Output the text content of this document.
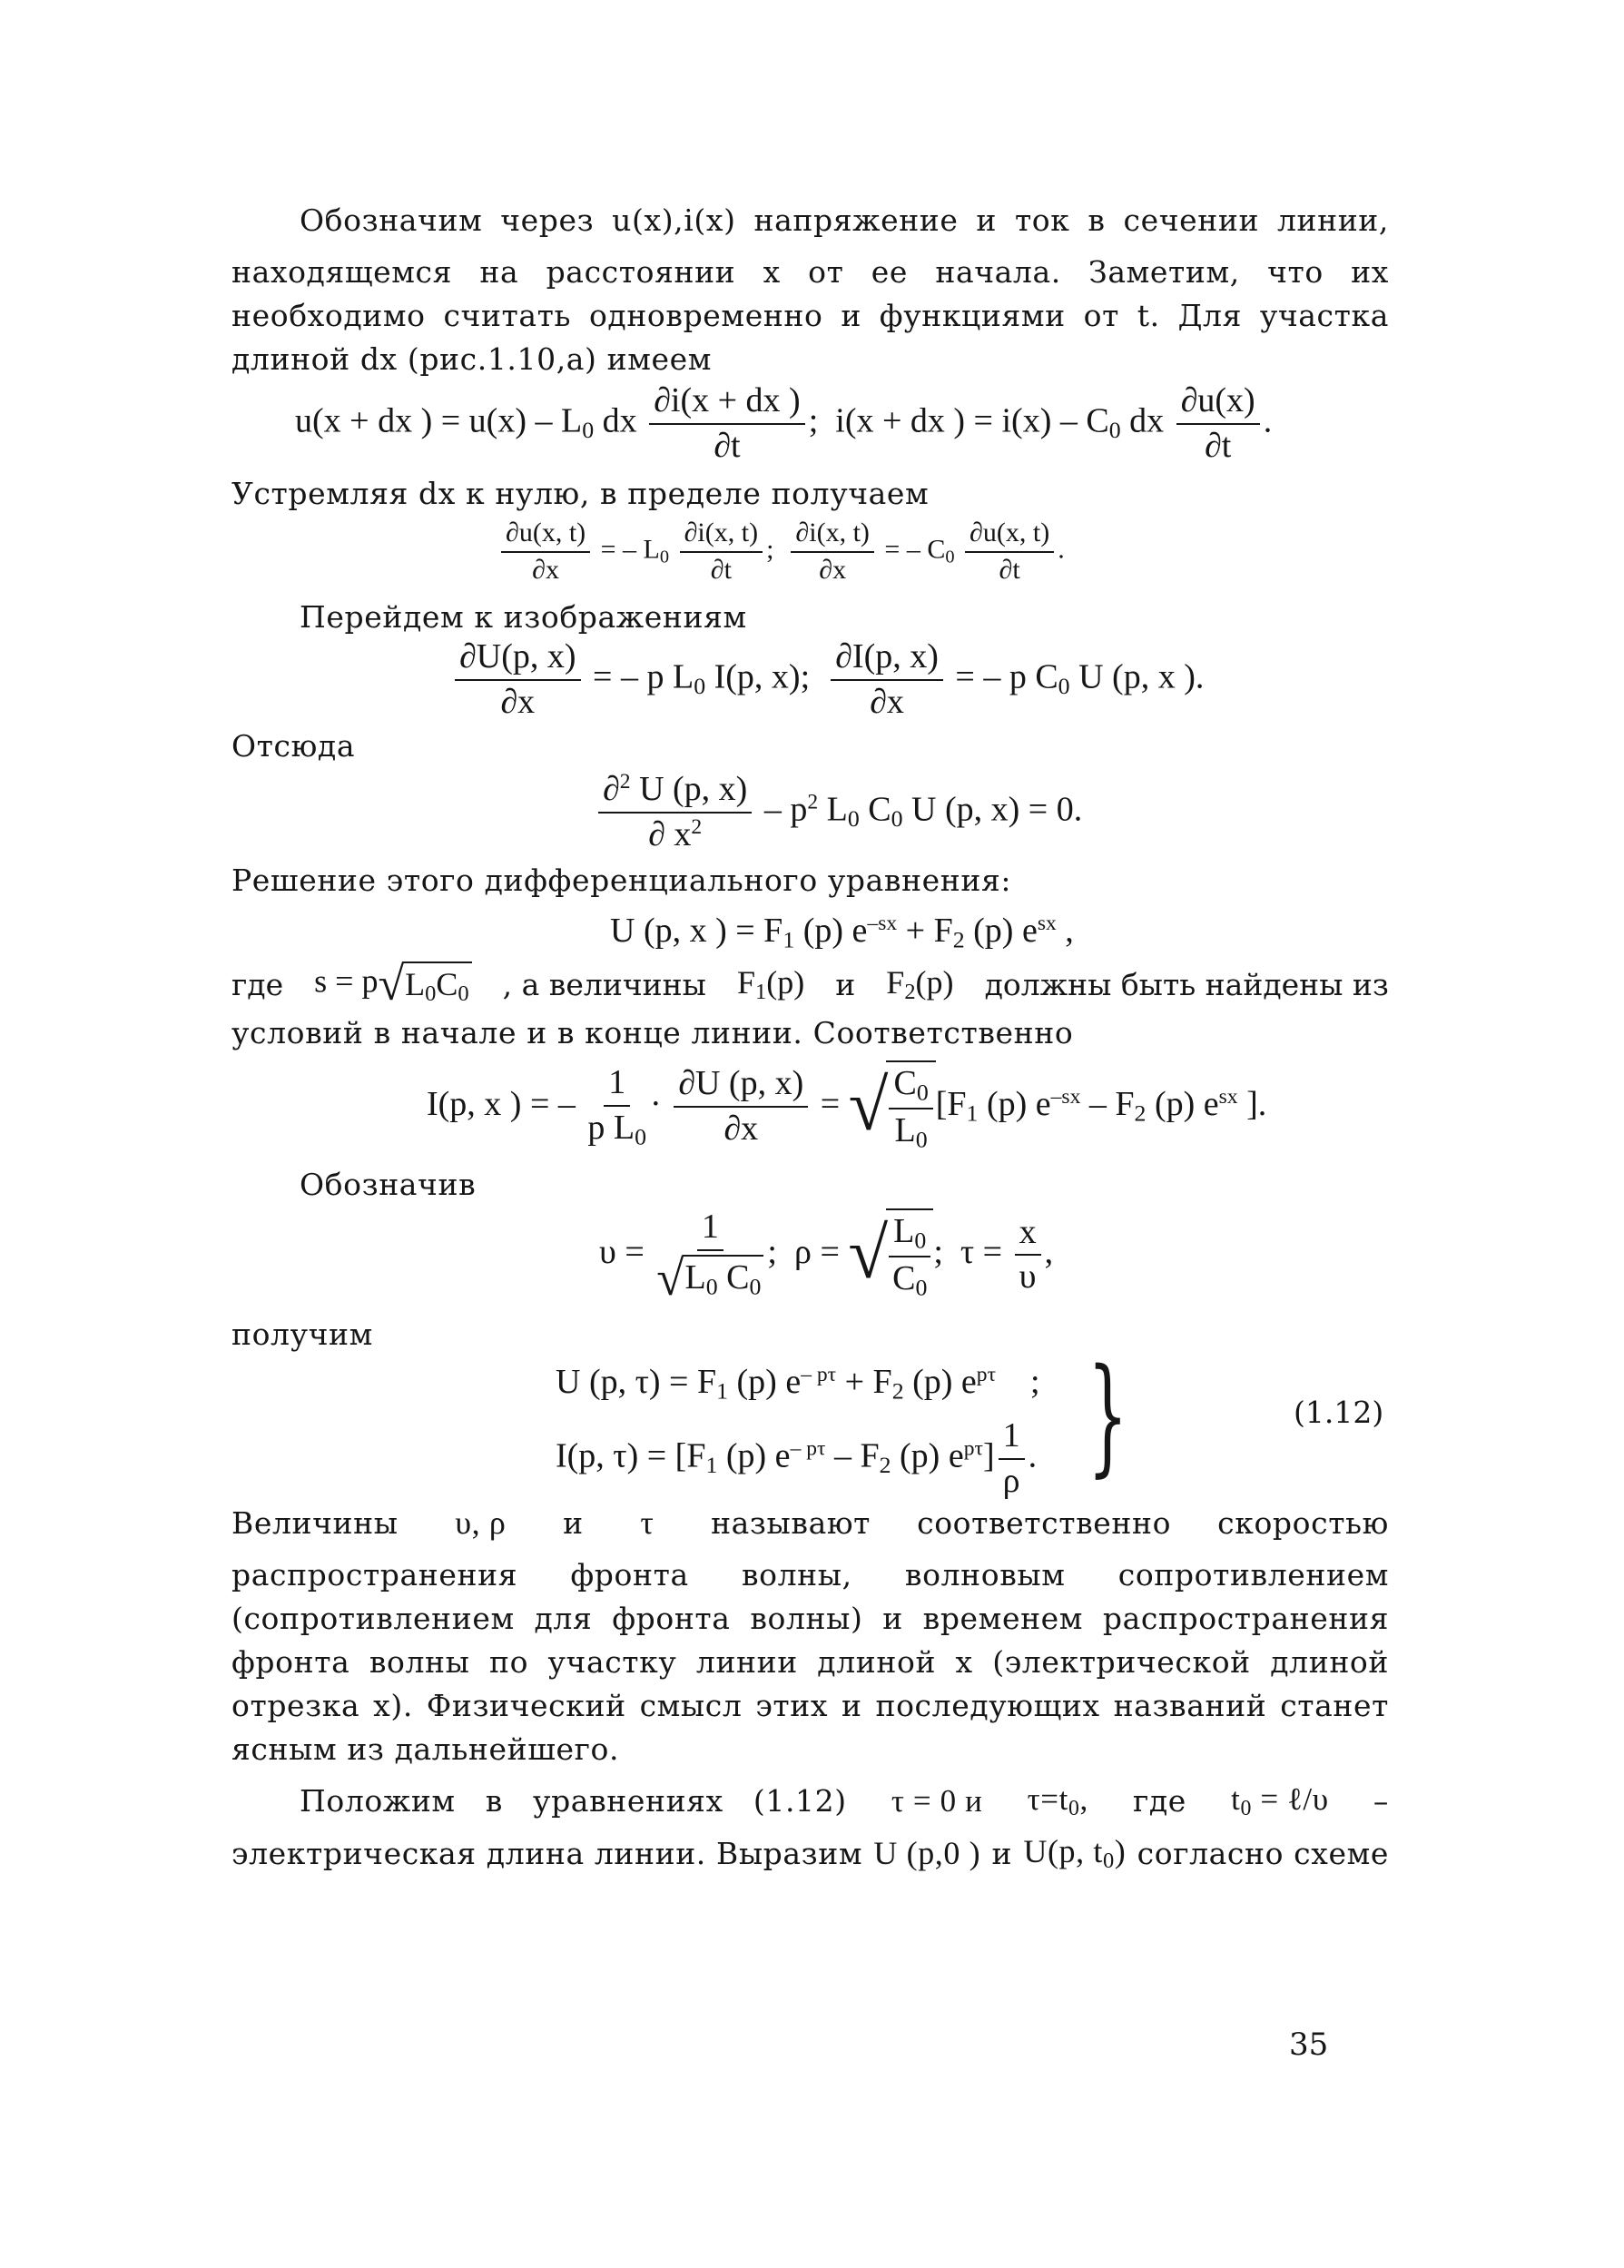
Обозначим через u(x),i(x) напряжение и ток в сечении линии,
находящемся на расстоянии x от ее начала. Заметим, что их
необходимо считать одновременно и функциями от t. Для участка
длиной dx (рис.1.10,а) имеем
u(x + dx ) = $u(x) - L_0$ dx $\frac{\partial i(x + dx )}{\partial t}$ ;  i(x + dx ) = $i(x) - C_0$ dx $\frac{\partial u(x)}{\partial t}$ .
Устремляя dx к нулю, в пределе получаем
$\frac{\partial u(x, t)}{\partial x}$ = – $L_0 \frac{\partial i(x, t)}{\partial t}$ ; $\frac{\partial i(x, t)}{\partial x}$ = – $C_0 \frac{\partial u(x, t)}{\partial t}$ .
Перейдем к изображениям
$\frac{\partial U(p, x)}{\partial x}$ = – p $L_0$ I(p, x); $\frac{\partial I(p, x)}{\partial x}$ = – p $C_0$ U (p, x ).
Отсюда
$\frac{\partial^2 U (p, x)}{\partial x^2} - p^2$ $L_0$ $C_0$ U (p, x) = 0.
Решение этого дифференциального уравнения:
U (p, x ) = $F_1$ (p) $e^{-sx} + F_2$ (p) $e^{sx}$ ,
где s = p √ $L_0C_0$ , а величины $F_1(p)$ и $F_2(p)$ должны быть найдены из
условий в начале и в конце линии. Соответственно
I(p, x ) = – $\frac{1}{p L_0} \cdot \frac{\partial U (p, x)}{\partial x}$ = √ $\frac{C_0}{L_0} [F_1$ (p) $e^{-sx} - F_2$ (p) $e^{sx}$ ].
Обозначив
$\upsilon = \frac{1}{√ L_0 C_0}$ ;  ρ = √ $\frac{L_0}{C_0}$ ;  $\tau = \frac{x}{\upsilon}$ ,
получим
U (p, $\tau) = F_1$ (p) $e^{- p\tau} + F_2$ (p) $e^{p\tau}$    ;
I(p, $\tau) = [F_1$ (p) $e^{- p\tau} - F_2$ (p) $e^{p\tau}] \frac{1}{\rho}$ . }	(1.12)
Величины υ, ρ и τ называют соответственно скоростью
распространения фронта волны, волновым сопротивлением
(сопротивлением для фронта волны) и временем распространения
фронта волны по участку линии длиной x (электрической длиной
отрезка x). Физический смысл этих и последующих названий станет
ясным из дальнейшего.
Положим в уравнениях (1.12) τ = 0 и $\tau=t_0$, где $t_0$ = ℓ/υ –
электрическая длина линии. Выразим U (p,0 ) и U(p, $t_0$) согласно схеме
35
